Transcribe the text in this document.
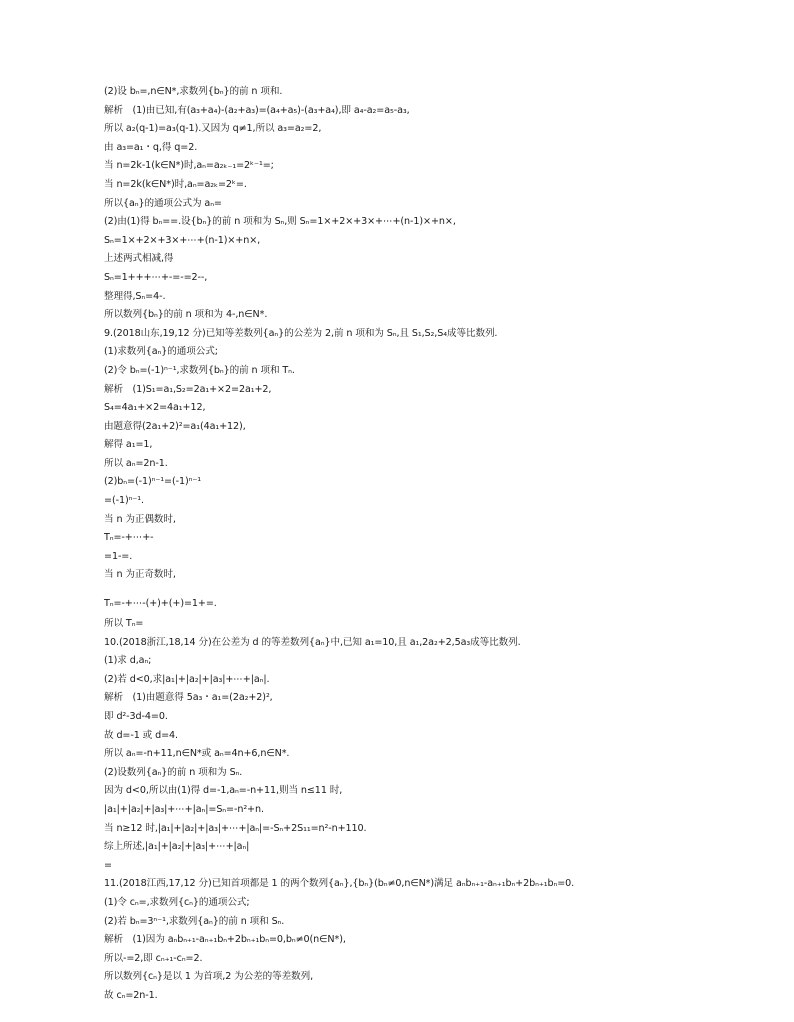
(2)设 bₙ=,n∈N*,求数列{bₙ}的前 n 项和.
解析　(1)由已知,有(a₃+a₄)-(a₂+a₃)=(a₄+a₅)-(a₃+a₄),即 a₄-a₂=a₅-a₃,
所以 a₂(q-1)=a₃(q-1).又因为 q≠1,所以 a₃=a₂=2,
由 a₃=a₁・q,得 q=2.
当 n=2k-1(k∈N*)时,aₙ=a₂ₖ₋₁=2ᵏ⁻¹=;
当 n=2k(k∈N*)时,aₙ=a₂ₖ=2ᵏ=.
所以{aₙ}的通项公式为 aₙ=
(2)由(1)得 bₙ==.设{bₙ}的前 n 项和为 Sₙ,则 Sₙ=1×+2×+3×+⋯+(n-1)×+n×,
Sₙ=1×+2×+3×+⋯+(n-1)×+n×,
上述两式相减,得
Sₙ=1+++⋯+-=-=2--,
整理得,Sₙ=4-.
所以数列{bₙ}的前 n 项和为 4-,n∈N*.
9.(2018山东,19,12 分)已知等差数列{aₙ}的公差为 2,前 n 项和为 Sₙ,且 S₁,S₂,S₄成等比数列.
(1)求数列{aₙ}的通项公式;
(2)令 bₙ=(-1)ⁿ⁻¹,求数列{bₙ}的前 n 项和 Tₙ.
解析　(1)S₁=a₁,S₂=2a₁+×2=2a₁+2,
S₄=4a₁+×2=4a₁+12,
由题意得(2a₁+2)²=a₁(4a₁+12),
解得 a₁=1,
所以 aₙ=2n-1.
(2)bₙ=(-1)ⁿ⁻¹=(-1)ⁿ⁻¹
=(-1)ⁿ⁻¹.
当 n 为正偶数时,
Tₙ=-+⋯+-
=1-=.
当 n 为正奇数时,
Tₙ=-+⋯-(+)+(+)=1+=.
所以 Tₙ=
10.(2018浙江,18,14 分)在公差为 d 的等差数列{aₙ}中,已知 a₁=10,且 a₁,2a₂+2,5a₃成等比数列.
(1)求 d,aₙ;
(2)若 d<0,求|a₁|+|a₂|+|a₃|+⋯+|aₙ|.
解析　(1)由题意得 5a₃・a₁=(2a₂+2)²,
即 d²-3d-4=0.
故 d=-1 或 d=4.
所以 aₙ=-n+11,n∈N*或 aₙ=4n+6,n∈N*.
(2)设数列{aₙ}的前 n 项和为 Sₙ.
因为 d<0,所以由(1)得 d=-1,aₙ=-n+11,则当 n≤11 时,
|a₁|+|a₂|+|a₃|+⋯+|aₙ|=Sₙ=-n²+n.
当 n≥12 时,|a₁|+|a₂|+|a₃|+⋯+|aₙ|=-Sₙ+2S₁₁=n²-n+110.
综上所述,|a₁|+|a₂|+|a₃|+⋯+|aₙ|
=
11.(2018江西,17,12 分)已知首项都是 1 的两个数列{aₙ},{bₙ}(bₙ≠0,n∈N*)满足 aₙbₙ₊₁-aₙ₊₁bₙ+2bₙ₊₁bₙ=0.
(1)令 cₙ=,求数列{cₙ}的通项公式;
(2)若 bₙ=3ⁿ⁻¹,求数列{aₙ}的前 n 项和 Sₙ.
解析　(1)因为 aₙbₙ₊₁-aₙ₊₁bₙ+2bₙ₊₁bₙ=0,bₙ≠0(n∈N*),
所以-=2,即 cₙ₊₁-cₙ=2.
所以数列{cₙ}是以 1 为首项,2 为公差的等差数列,
故 cₙ=2n-1.
